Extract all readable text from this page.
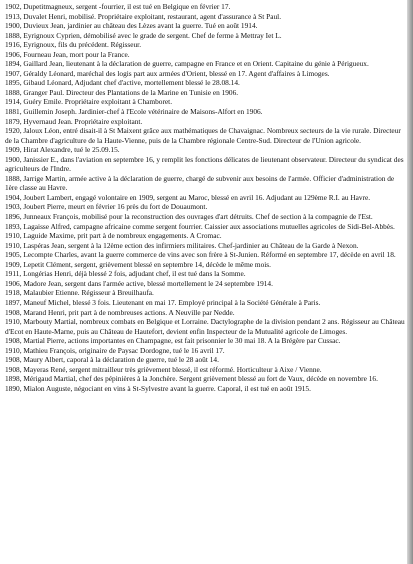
1902, Dupetitmagneux, sergent -fourrier, il est tué en Belgique en février 17.

1913, Duvalet Henri, mobilisé. Propriétaire exploitant, restaurant, agent d'assurance à St Paul.

1900, Duvieux Jean, jardinier au château des Lèzes avant la guerre. Tué en août 1914.

1888, Eyrignoux Cyprien, démobilisé avec le grade de sergent. Chef de ferme à Mettray Iet L.

1916, Eyrignoux, fils du précédent. Régisseur.

1906, Fourneau Jean, mort pour la France.

1894, Gaillard Jean, lieutenant à la déclaration de guerre, campagne en France et en Orient. Capitaine du génie à Périgueux.

1907, Géraldy Léonard, maréchal des logis part aux armées d'Orient, blessé en 17. Agent d'affaires à Limoges.

1895, Gibaud Léonard, Adjudant chef d'active, mortellement blessé le 28.08.14.

1888, Granger Paul. Directeur des Plantations de la Marine en Tunisie en 1906.

1914, Guéry Emile. Propriétaire exploitant à Chamboret.

1881, Guillemin Joseph. Jardinier-chef à l'Ecole vétérinaire de Maisons-Alfort en 1906.

1879, Hyvernaud Jean. Propriétaire exploitant.

1920, Jaloux Léon, entré disait-il à St Maixent grâce aux mathématiques de Chavaignac. Nombreux secteurs de la vie rurale. Directeur de la Chambre d'agriculture de la Haute-Vienne, puis de la Chambre régionale Centre-Sud. Directeur de l'Union agricole.

1909, Hirat Alexandre, tué le 25.09.15.

1900, Janissier E., dans l'aviation en septembre 16, y remplit les fonctions délicates de lieutenant observateur. Directeur du syndicat des agriculteurs de l'Indre.

1888, Jarrige Martin, armée active à la déclaration de guerre, chargé de subvenir aux besoins de l'armée. Officier d'administration de 1ère classe au Havre.

1904, Joubert Lambert, engagé volontaire en 1909, sergent au Maroc, blessé en avril 16. Adjudant au 129ème R.I. au Havre.

1903, Joubert Pierre, meurt en février 16 près du fort de Douaumont.

1896, Junneaux François, mobilisé pour la reconstruction des ouvrages d'art détruits. Chef de section à la compagnie de l'Est.

1893, Lagaisse Alfred, campagne africaine comme sergent fourrier. Caissier aux associations mutuelles agricoles de Sidi-Bel-Abbès.

1910, Laguide Maxime, prit part à de nombreux engagements. A Cromac.

1910, Laspéras Jean, sergent à la 12ème ection des infirmiers militaires. Chef-jardinier au Château de la Garde à Nexon.

1905, Lecompte Charles, avant la guerre commerce de vins avec son frère à St-Junien. Réformé en septembre 17, décède en avril 18.

1909, Lepetit Clément, sergent, grièvement blessé en septembre 14, décède le même mois.

1911, Longérias Henri, déjà blessé 2 fois, adjudant chef, il est tué dans la Somme.

1906, Madore Jean, sergent dans l'armée active, blessé mortellement le 24 septembre 1914.

1918, Malaubier Etienne. Régisseur à Breuilhaufa.

1897, Maneuf Michel, blessé 3 fois. Lieutenant en mai 17. Employé principal à la Société Générale à Paris.

1908, Marand Henri, prit part à de nombreuses actions. A Neuville par Nedde.

1910, Marbouty Martial, nombreux combats en Belgique et Lorraine. Dactylographe de la division pendant 2 ans. Régisseur au Château d'Ecot en Haute-Marne, puis au Château de Hautefort, devient enfin Inspecteur de la Mutualité agricole de Limoges.

1908, Martial Pierre, actions importantes en Champagne, est fait prisonnier le 30 mai 18. A la Brégère par Cussac.

1910, Mathieu François, originaire de Paysac Dordogne, tué le 16 avril 17.

1908, Maury Albert, caporal à la déclaration de guerre, tué le 28 août 14.

1908, Mayeras René, sergent mitrailleur très grièvement blessé, il est réformé. Horticulteur à Aixe / Vienne.

1898, Mérigaud Martial, chef des pépinières à la Jonchère. Sergent grièvement blessé au fort de Vaux, décède en novembre 16.

1890, Mialon Auguste, négociant en vins à St-Sylvestre avant la guerre. Caporal, il est tué en août 1915.
